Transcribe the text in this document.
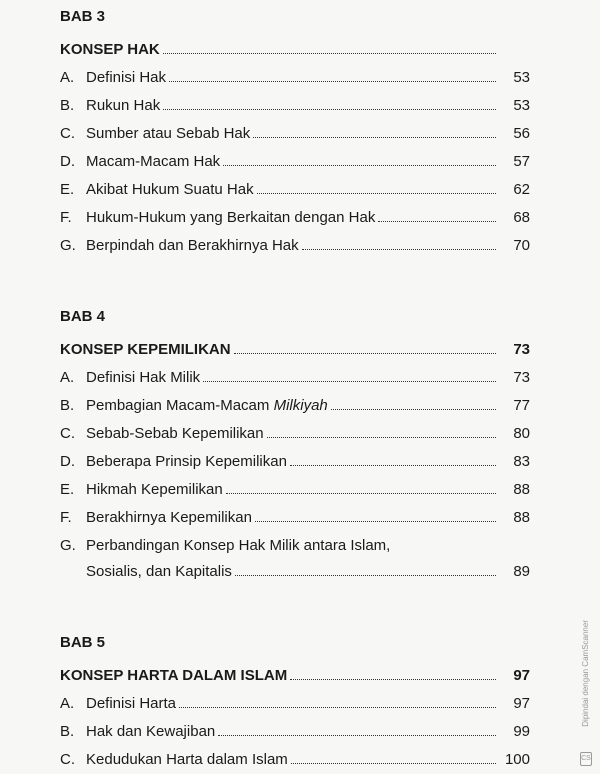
BAB 3
KONSEP HAK
A. Definisi Hak	53
B. Rukun Hak	53
C. Sumber atau Sebab Hak	56
D. Macam-Macam Hak	57
E. Akibat Hukum Suatu Hak	62
F. Hukum-Hukum yang Berkaitan dengan Hak	68
G. Berpindah dan Berakhirnya Hak	70
BAB 4
KONSEP KEPEMILIKAN	73
A. Definisi Hak Milik	73
B. Pembagian Macam-Macam Milkiyah	77
C. Sebab-Sebab Kepemilikan	80
D. Beberapa Prinsip Kepemilikan	83
E. Hikmah Kepemilikan	88
F. Berakhirnya Kepemilikan	88
G. Perbandingan Konsep Hak Milik antara Islam,
Sosialis, dan Kapitalis	89
BAB 5
KONSEP HARTA DALAM ISLAM	97
A. Definisi Harta	97
B. Hak dan Kewajiban	99
C. Kedudukan Harta dalam Islam	100
Dipindai dengan CamScanner
CS
